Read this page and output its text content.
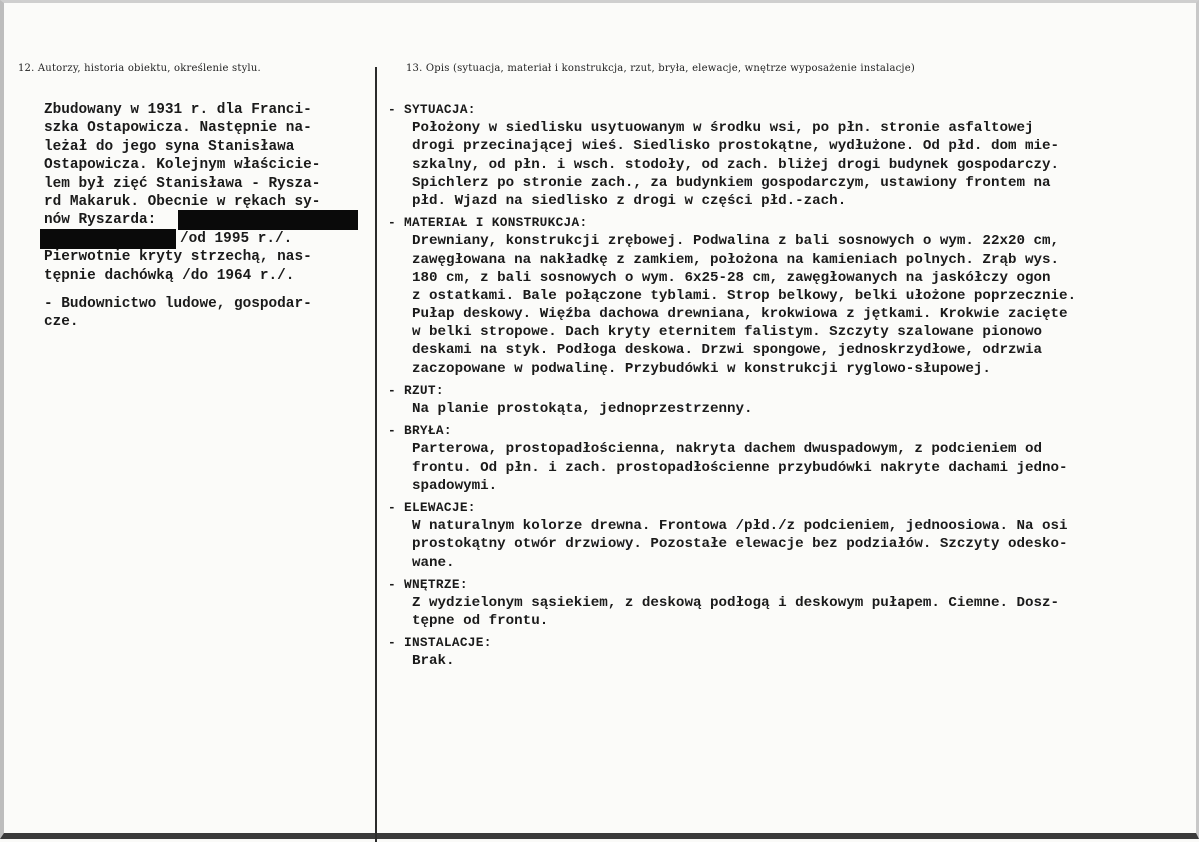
12. Autorzy, historia obiektu, określenie stylu.	13. Opis (sytuacja, materiał i konstrukcja, rzut, bryła, elewacje, wnętrze wyposażenie instalacje)
Zbudowany w 1931 r. dla Franci-
szka Ostapowicza. Następnie na-
leżał do jego syna Stanisława
Ostapowicza. Kolejnym właścicie-
lem był zięć Stanisława - Rysza-
rd Makaruk. Obecnie w rękach sy-
nów Ryszarda:
/od 1995 r./.
Pierwotnie kryty strzechą, nas-
tępnie dachówką /do 1964 r./.
- Budownictwo ludowe, gospodar-
cze.
- SYTUACJA:
Położony w siedlisku usytuowanym w środku wsi, po płn. stronie asfaltowej
drogi przecinającej wieś. Siedlisko prostokątne, wydłużone. Od płd. dom mie-
szkalny, od płn. i wsch. stodoły, od zach. bliżej drogi budynek gospodarczy.
Spichlerz po stronie zach., za budynkiem gospodarczym, ustawiony frontem na
płd. Wjazd na siedlisko z drogi w części płd.-zach.
- MATERIAŁ I KONSTRUKCJA:
Drewniany, konstrukcji zrębowej. Podwalina z bali sosnowych o wym. 22x20 cm,
zawęgłowana na nakładkę z zamkiem, położona na kamieniach polnych. Zrąb wys.
180 cm, z bali sosnowych o wym. 6x25-28 cm, zawęgłowanych na jaskółczy ogon
z ostatkami. Bale połączone tyblami. Strop belkowy, belki ułożone poprzecznie.
Pułap deskowy. Więźba dachowa drewniana, krokwiowa z jętkami. Krokwie zacięte
w belki stropowe. Dach kryty eternitem falistym. Szczyty szalowane pionowo
deskami na styk. Podłoga deskowa. Drzwi spongowe, jednoskrzydłowe, odrzwia
zaczopowane w podwalinę. Przybudówki w konstrukcji ryglowo-słupowej.
- RZUT:
Na planie prostokąta, jednoprzestrzenny.
- BRYŁA:
Parterowa, prostopadłościenna, nakryta dachem dwuspadowym, z podcieniem od
frontu. Od płn. i zach. prostopadłościenne przybudówki nakryte dachami jedno-
spadowymi.
- ELEWACJE:
W naturalnym kolorze drewna. Frontowa /płd./z podcieniem, jednoosiowa. Na osi
prostokątny otwór drzwiowy. Pozostałe elewacje bez podziałów. Szczyty odesko-
wane.
- WNĘTRZE:
Z wydzielonym sąsiekiem, z deskową podłogą i deskowym pułapem. Ciemne. Dosz-
tępne od frontu.
- INSTALACJE:
Brak.
